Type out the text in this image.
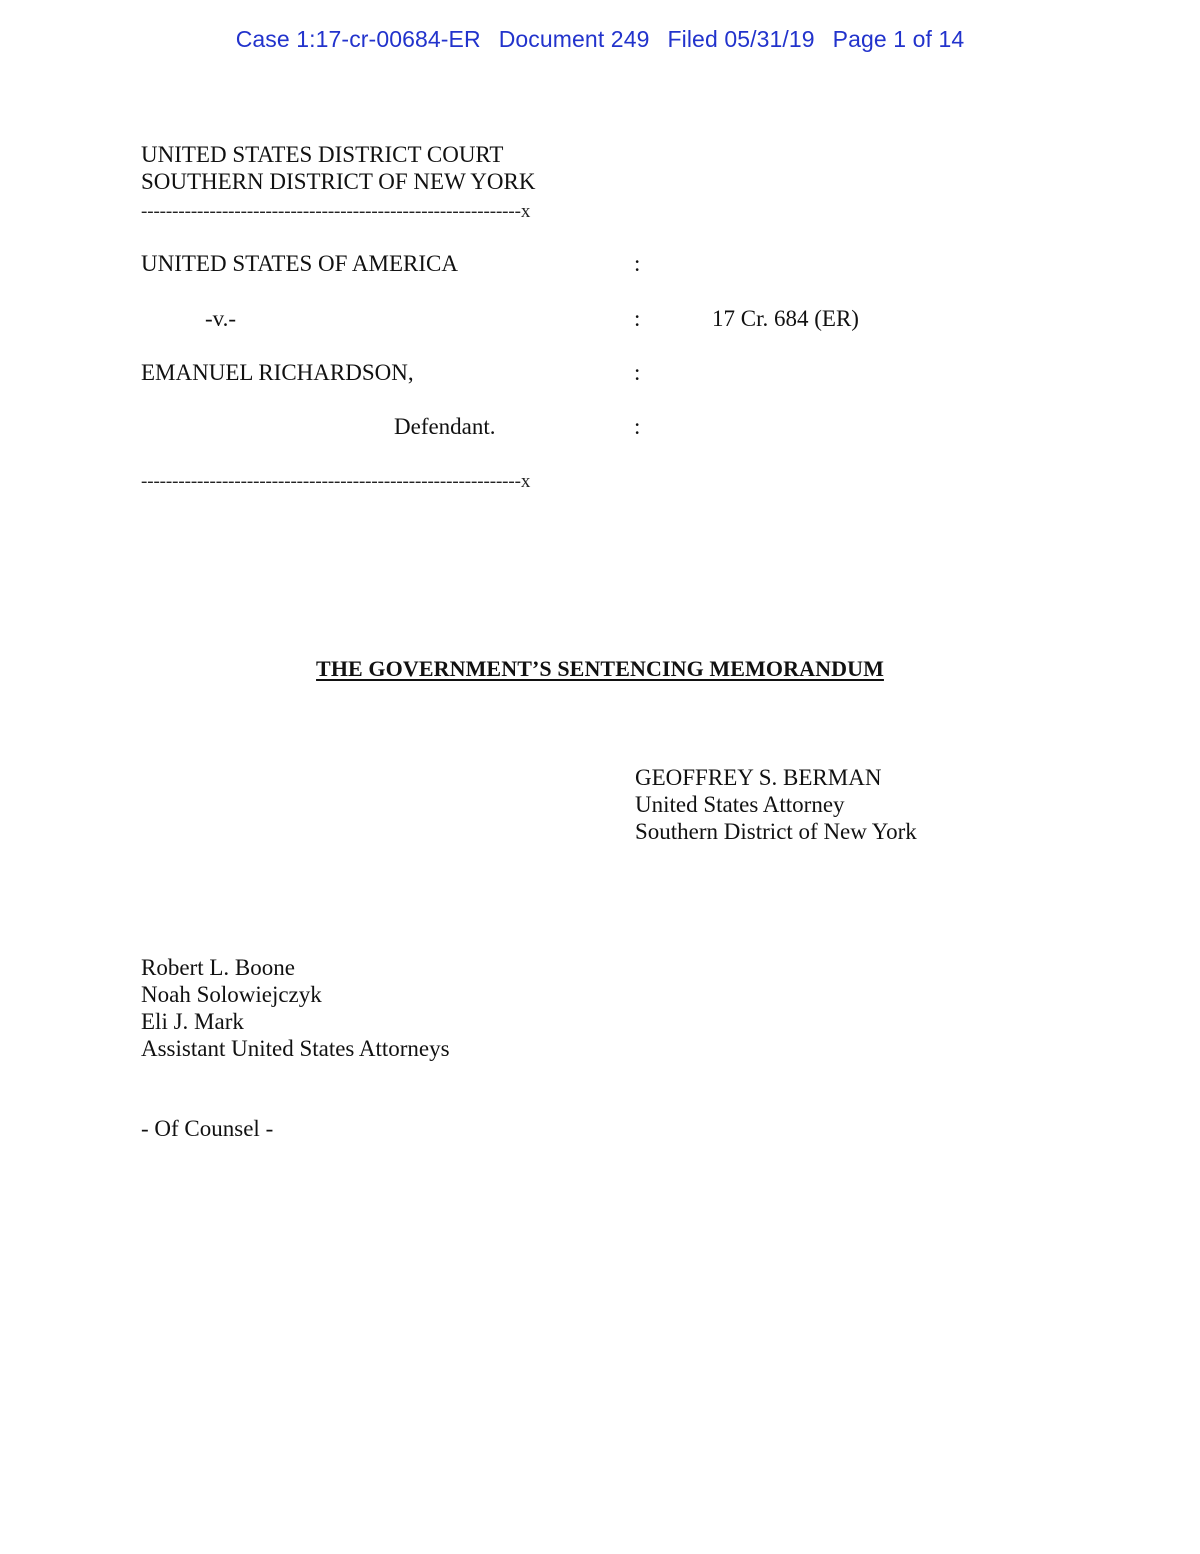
Case 1:17-cr-00684-ER Document 249 Filed 05/31/19 Page 1 of 14
UNITED STATES DISTRICT COURT
SOUTHERN DISTRICT OF NEW YORK
-------------------------------------------------------------x
UNITED STATES OF AMERICA	:
-v.-	:	17 Cr. 684 (ER)
EMANUEL RICHARDSON,	:
Defendant.	:
-------------------------------------------------------------x
THE GOVERNMENT’S SENTENCING MEMORANDUM
GEOFFREY S. BERMAN
United States Attorney
Southern District of New York
Robert L. Boone
Noah Solowiejczyk
Eli J. Mark
Assistant United States Attorneys
- Of Counsel -
